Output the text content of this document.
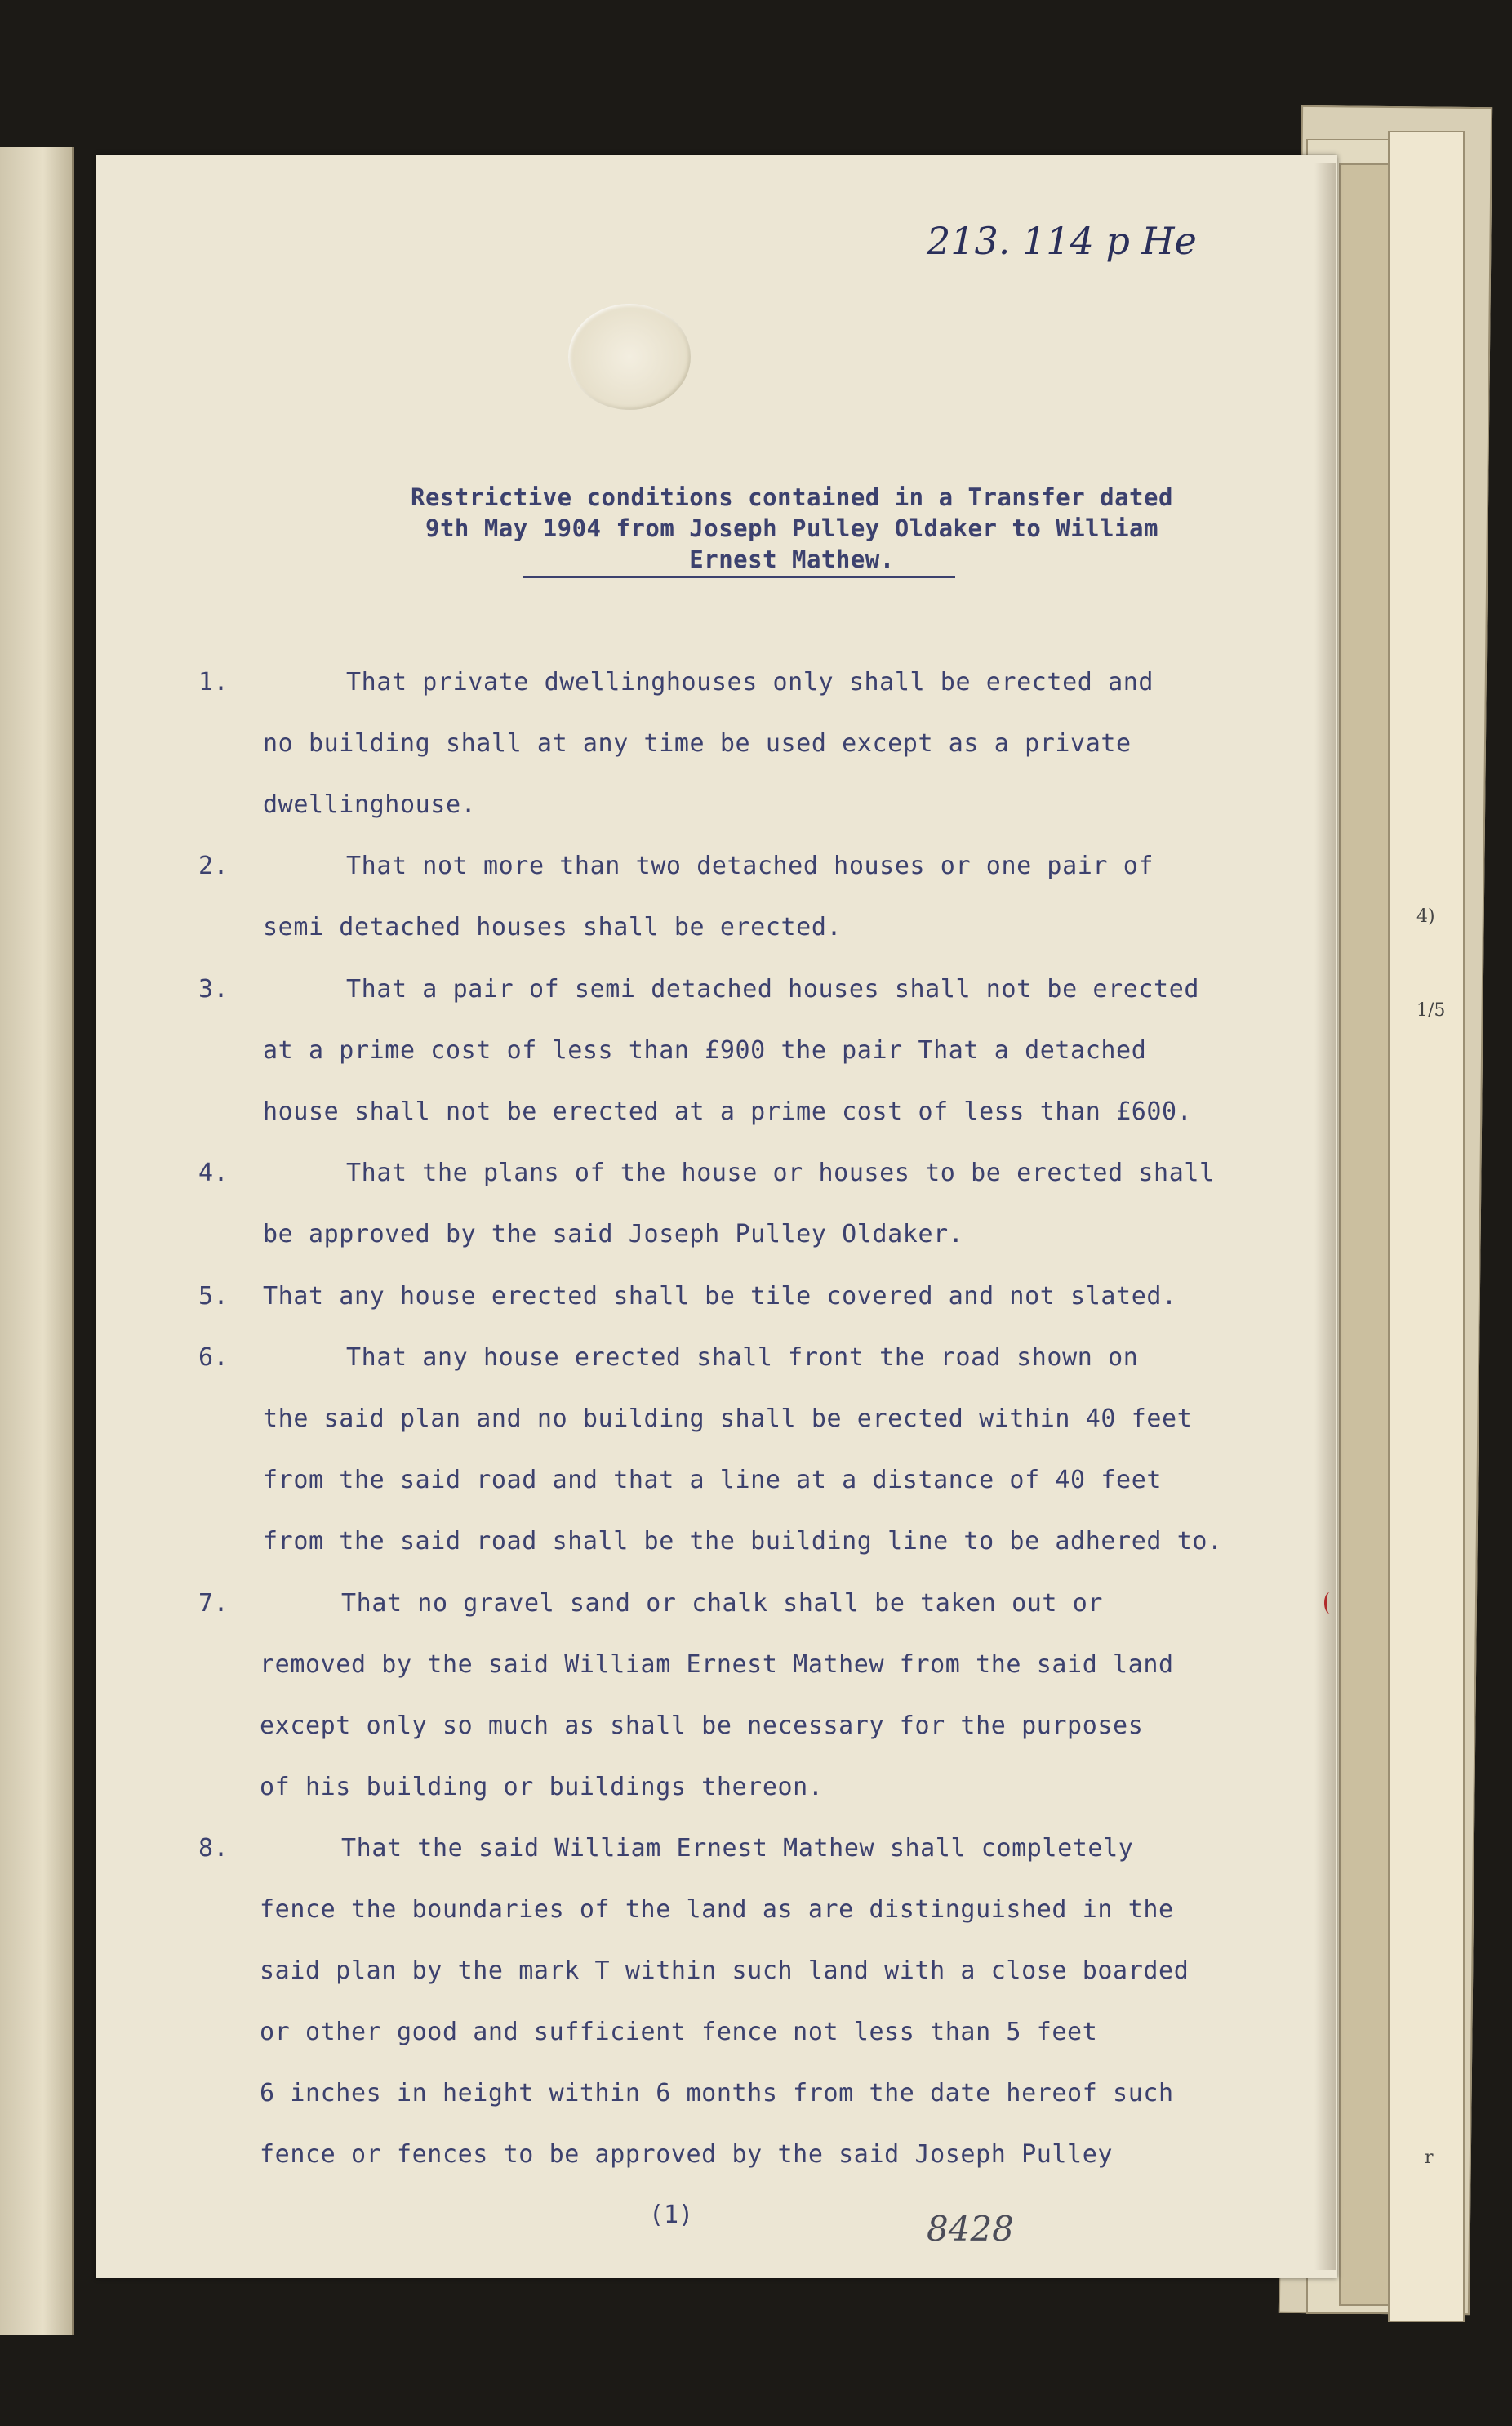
4)
1/5
r
213. 114 p He
Restrictive conditions contained in a Transfer dated
9th May 1904 from Joseph Pulley Oldaker to William
Ernest Mathew.
1.	That private dwellinghouses only shall be erected and
no building shall at any time be used except as a private
dwellinghouse.
2.	That not more than two detached houses or one pair of
semi detached houses shall be erected.
3.	That a pair of semi detached houses shall not be erected
at a prime cost of less than £900 the pair That a detached
house shall not be erected at a prime cost of less than £600.
4.	That the plans of the house or houses to be erected shall
be approved by the said Joseph Pulley Oldaker.
5. That any house erected shall be tile covered and not slated.
6.	That any house erected shall front the road shown on
the said plan and no building shall be erected within 40 feet
from the said road and that a line at a distance of 40 feet
from the said road shall be the building line to be adhered to.
7.	That no gravel sand or chalk shall be taken out or
removed by the said William Ernest Mathew from the said land
except only so much as shall be necessary for the purposes
of his building or buildings thereon.
8.	That the said William Ernest Mathew shall completely
fence the boundaries of the land as are distinguished in the
said plan by the mark T within such land with a close boarded
or other good and sufficient fence not less than 5 feet
6 inches in height within 6 months from the date hereof such
fence or fences to be approved by the said Joseph Pulley
(1)	8428
